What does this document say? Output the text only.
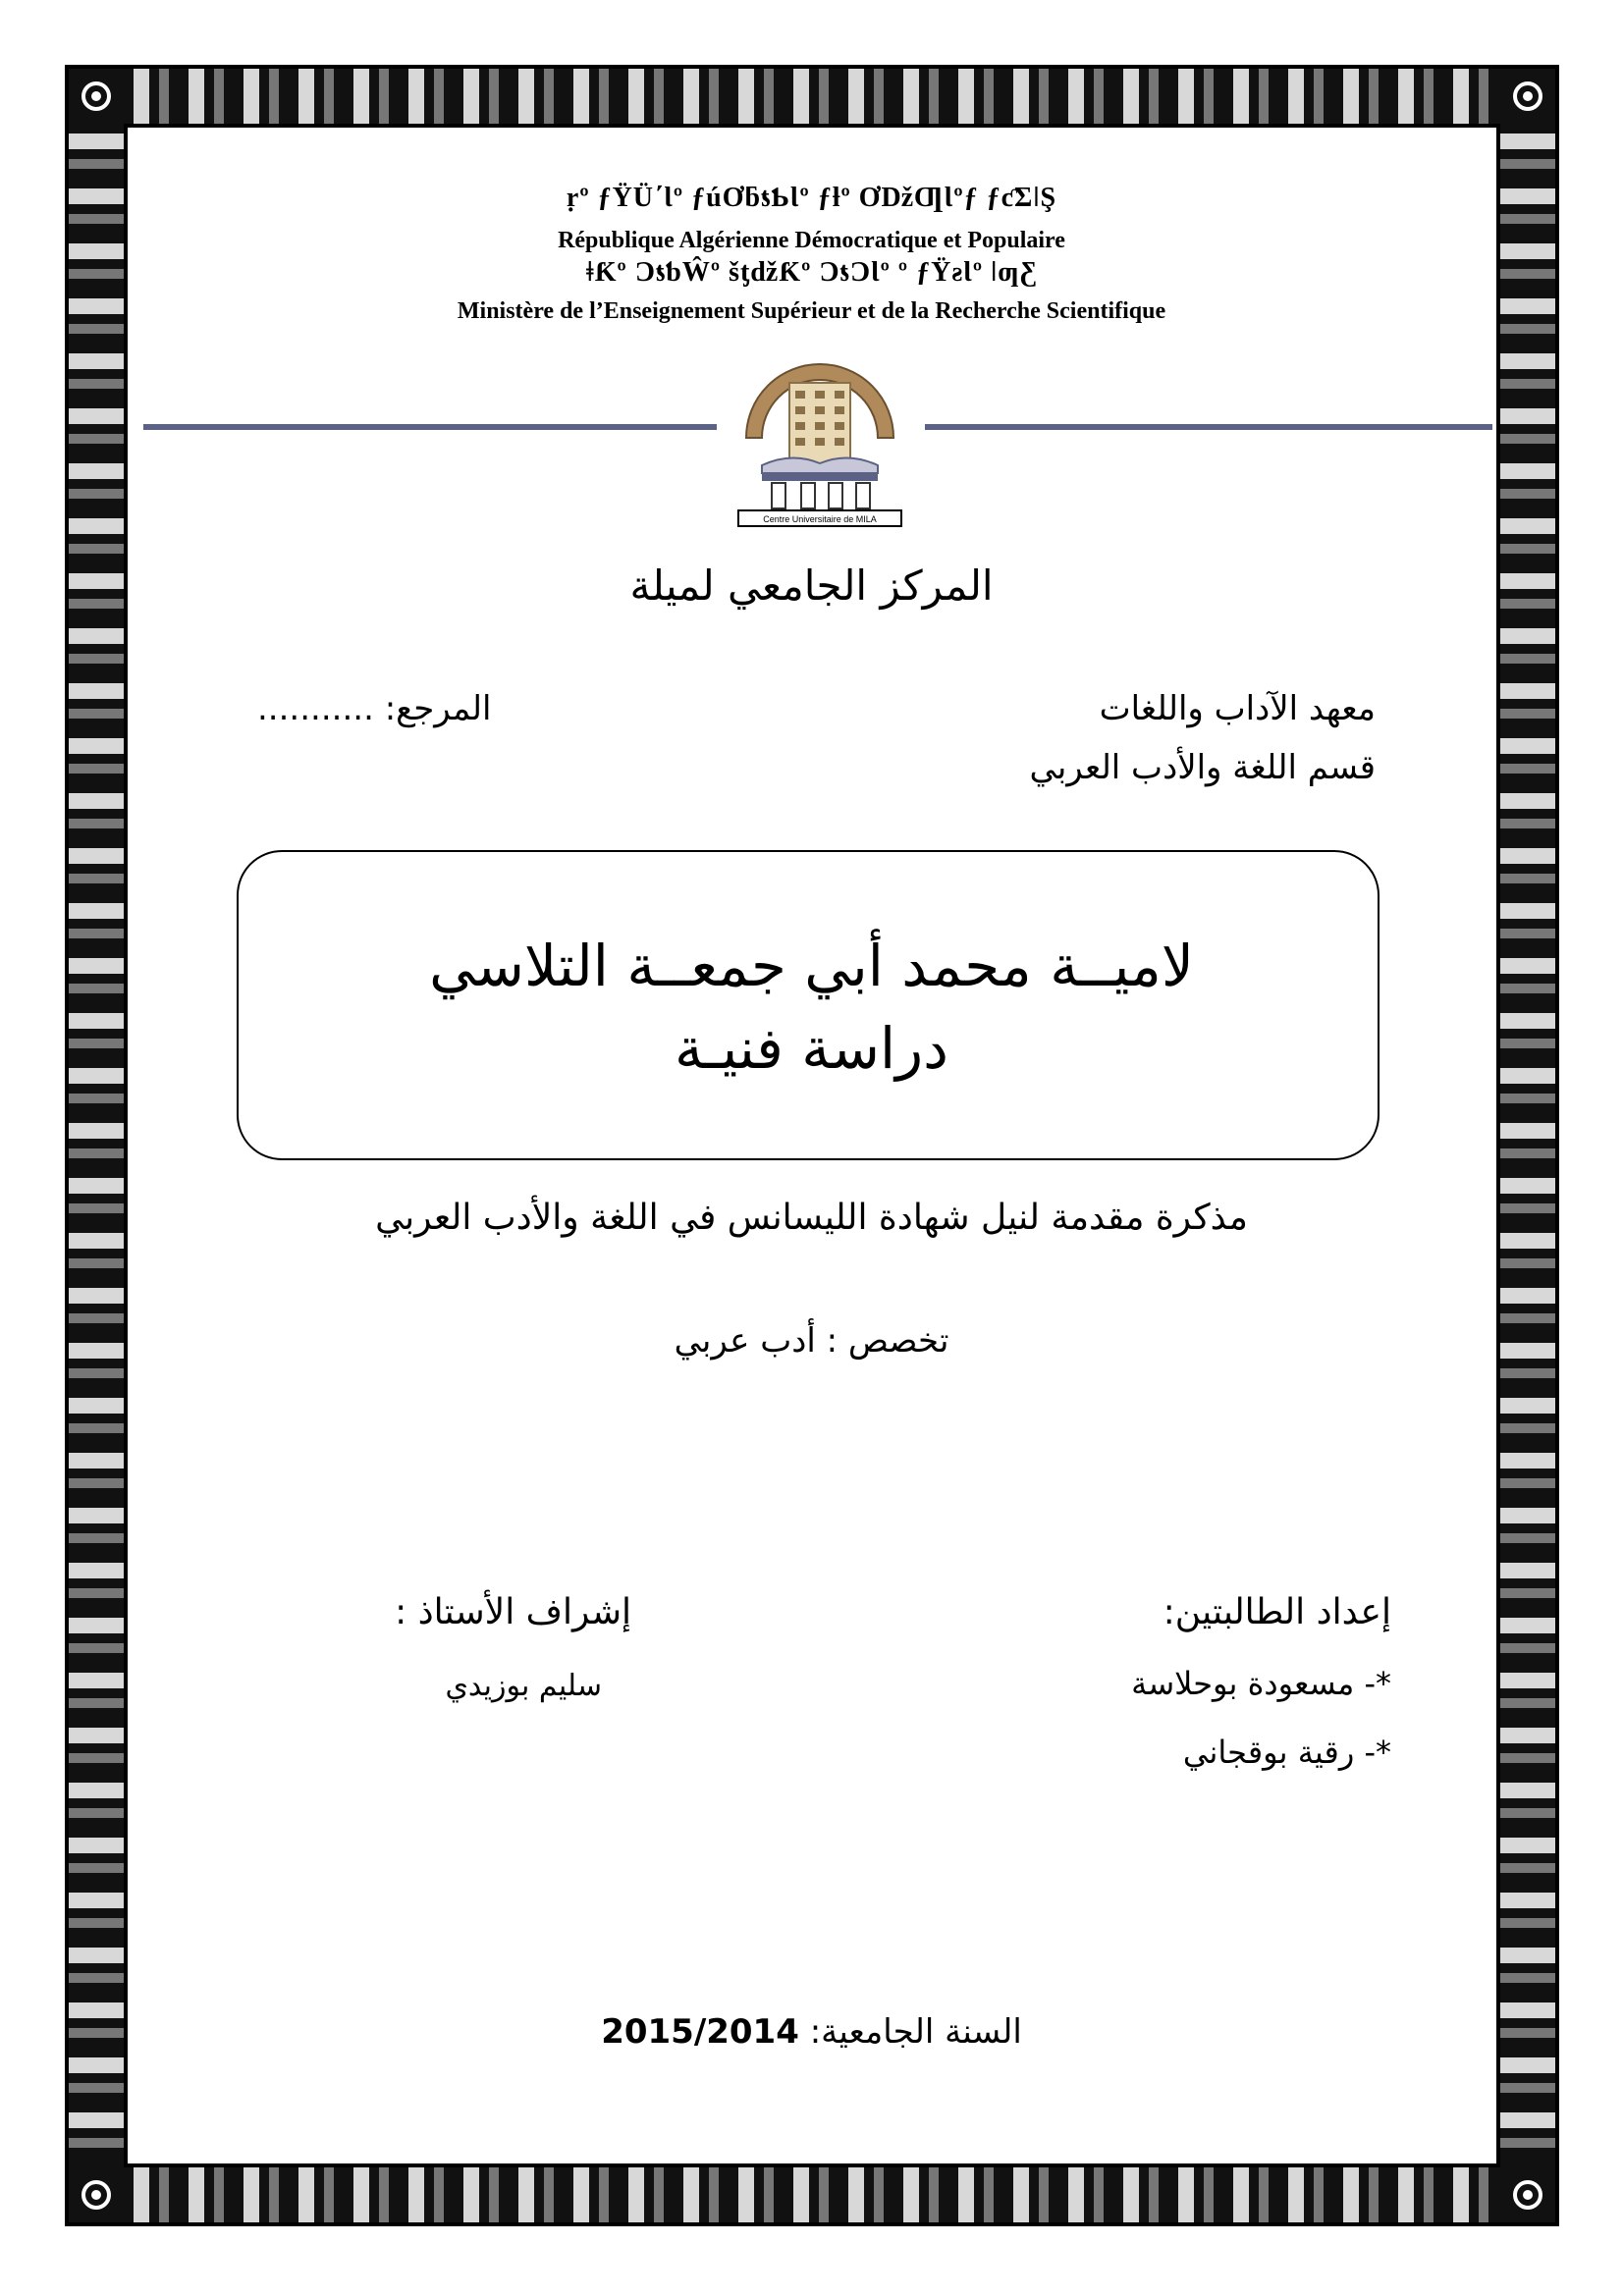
ṛº ƒŸÜ΄Ɩº ƒúƠƃƾƄƖº ƒƚº ƠǅƢƖºƒ ƒƈƩǀŞ
République Algérienne Démocratique et Populaire
ǂƘº ƆƾƅŴº šƫǆƘº ƆƾƆƖº º ƒŸƨƖº ǀƣƸ
Ministère de l’Enseignement Supérieur et de la Recherche Scientifique
Centre Universitaire de MILA
المركز الجامعي لميلة
معهد الآداب واللغات
المرجع: ...........
قسم اللغة والأدب العربي
لاميــة محمد أبي جمعــة التلاسي
دراسة فنيـة
مذكرة مقدمة لنيل شهادة الليسانس في اللغة والأدب العربي
تخصص : أدب عربي
إعداد الطالبتين:
*- مسعودة بوحلاسة
*- رقية بوقجاني
إشراف الأستاذ :
سليم بوزيدي
السنة الجامعية: 2015/2014
